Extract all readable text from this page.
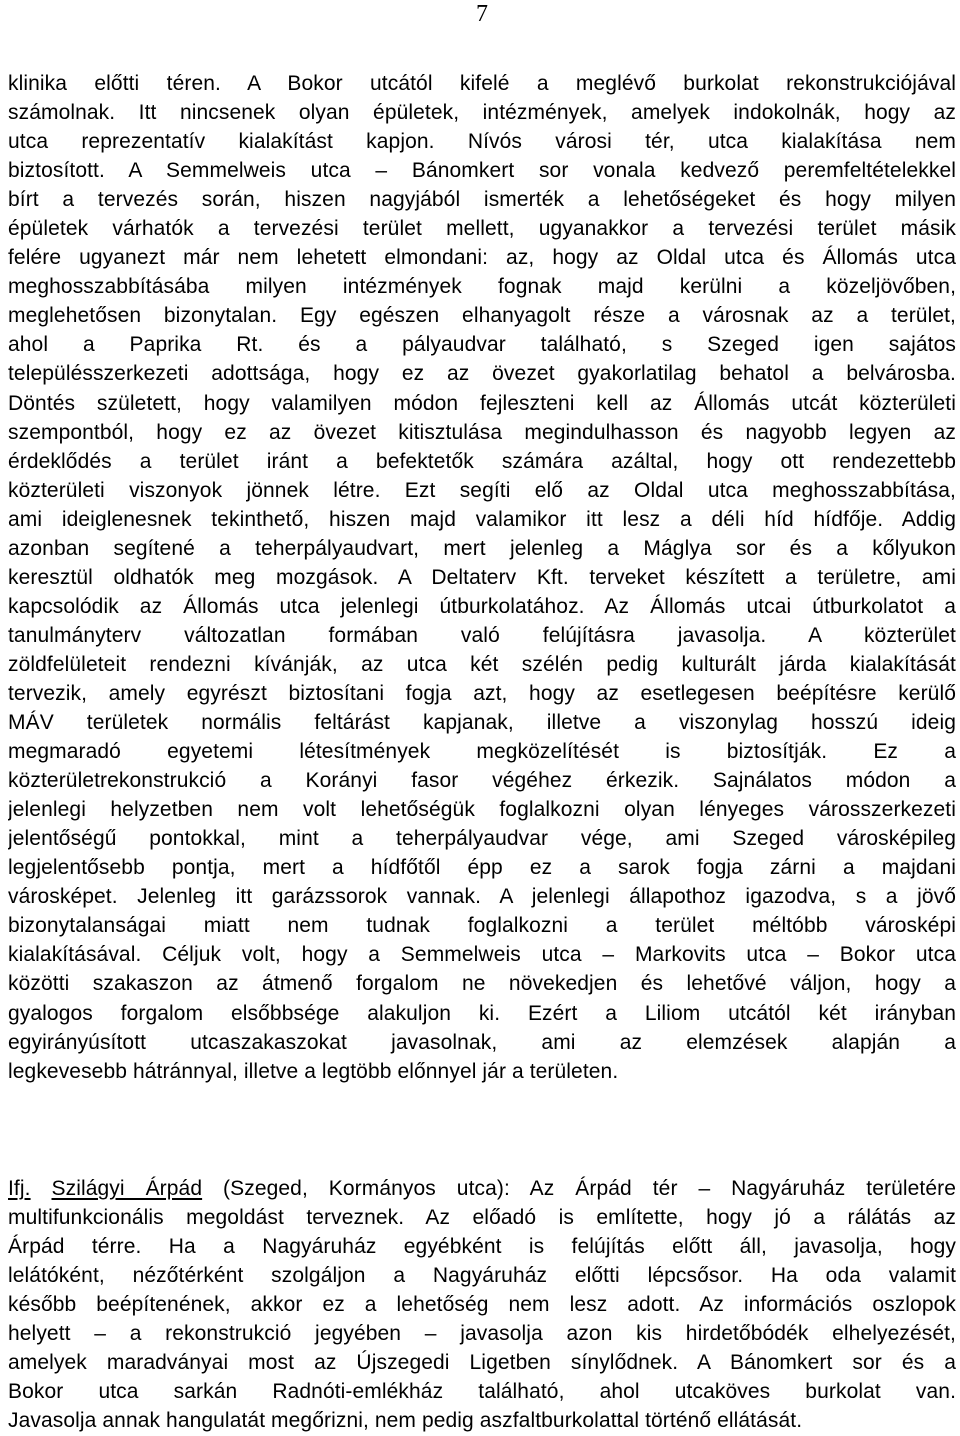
7
klinika előtti téren. A Bokor utcától kifelé a meglévő burkolat rekonstrukciójával
számolnak. Itt nincsenek olyan épületek, intézmények, amelyek indokolnák, hogy az
utca reprezentatív kialakítást kapjon. Nívós városi tér, utca kialakítása nem
biztosított. A Semmelweis utca – Bánomkert sor vonala kedvező peremfeltételekkel
bírt a tervezés során, hiszen nagyjából ismerték a lehetőségeket és hogy milyen
épületek várhatók a tervezési terület mellett, ugyanakkor a tervezési terület másik
felére ugyanezt már nem lehetett elmondani: az, hogy az Oldal utca és Állomás utca
meghosszabbításába milyen intézmények fognak majd kerülni a közeljövőben,
meglehetősen bizonytalan. Egy egészen elhanyagolt része a városnak az a terület,
ahol a Paprika Rt. és a pályaudvar található, s Szeged igen sajátos
településszerkezeti adottsága, hogy ez az övezet gyakorlatilag behatol a belvárosba.
Döntés született, hogy valamilyen módon fejleszteni kell az Állomás utcát közterületi
szempontból, hogy ez az övezet kitisztulása megindulhasson és nagyobb legyen az
érdeklődés a terület iránt a befektetők számára azáltal, hogy ott rendezettebb
közterületi viszonyok jönnek létre. Ezt segíti elő az Oldal utca meghosszabbítása,
ami ideiglenesnek tekinthető, hiszen majd valamikor itt lesz a déli híd hídfője. Addig
azonban segítené a teherpályaudvart, mert jelenleg a Máglya sor és a kőlyukon
keresztül oldhatók meg mozgások. A Deltaterv Kft. terveket készített a területre, ami
kapcsolódik az Állomás utca jelenlegi útburkolatához. Az Állomás utcai útburkolatot a
tanulmányterv változatlan formában való felújításra javasolja. A közterület
zöldfelületeit rendezni kívánják, az utca két szélén pedig kulturált járda kialakítását
tervezik, amely egyrészt biztosítani fogja azt, hogy az esetlegesen beépítésre kerülő
MÁV területek normális feltárást kapjanak, illetve a viszonylag hosszú ideig
megmaradó egyetemi létesítmények megközelítését is biztosítják. Ez a
közterületrekonstrukció a Korányi fasor végéhez érkezik. Sajnálatos módon a
jelenlegi helyzetben nem volt lehetőségük foglalkozni olyan lényeges városszerkezeti
jelentőségű pontokkal, mint a teherpályaudvar vége, ami Szeged városképileg
legjelentősebb pontja, mert a hídfőtől épp ez a sarok fogja zárni a majdani
városképet. Jelenleg itt garázssorok vannak. A jelenlegi állapothoz igazodva, s a jövő
bizonytalanságai miatt nem tudnak foglalkozni a terület méltóbb városképi
kialakításával. Céljuk volt, hogy a Semmelweis utca – Markovits utca – Bokor utca
közötti szakaszon az átmenő forgalom ne növekedjen és lehetővé váljon, hogy a
gyalogos forgalom elsőbbsége alakuljon ki. Ezért a Liliom utcától két irányban
egyirányúsított utcaszakaszokat javasolnak, ami az elemzések alapján a
legkevesebb hátránnyal, illetve a legtöbb előnnyel jár a területen.
Ifj. Szilágyi Árpád (Szeged, Kormányos utca): Az Árpád tér – Nagyáruház területére
multifunkcionális megoldást terveznek. Az előadó is említette, hogy jó a rálátás az
Árpád térre. Ha a Nagyáruház egyébként is felújítás előtt áll, javasolja, hogy
lelátóként, nézőtérként szolgáljon a Nagyáruház előtti lépcsősor. Ha oda valamit
később beépítenének, akkor ez a lehetőség nem lesz adott. Az információs oszlopok
helyett – a rekonstrukció jegyében – javasolja azon kis hirdetőbódék elhelyezését,
amelyek maradványai most az Újszegedi Ligetben sínylődnek. A Bánomkert sor és a
Bokor utca sarkán Radnóti-emlékház található, ahol utcaköves burkolat van.
Javasolja annak hangulatát megőrizni, nem pedig aszfaltburkolattal történő ellátását.
